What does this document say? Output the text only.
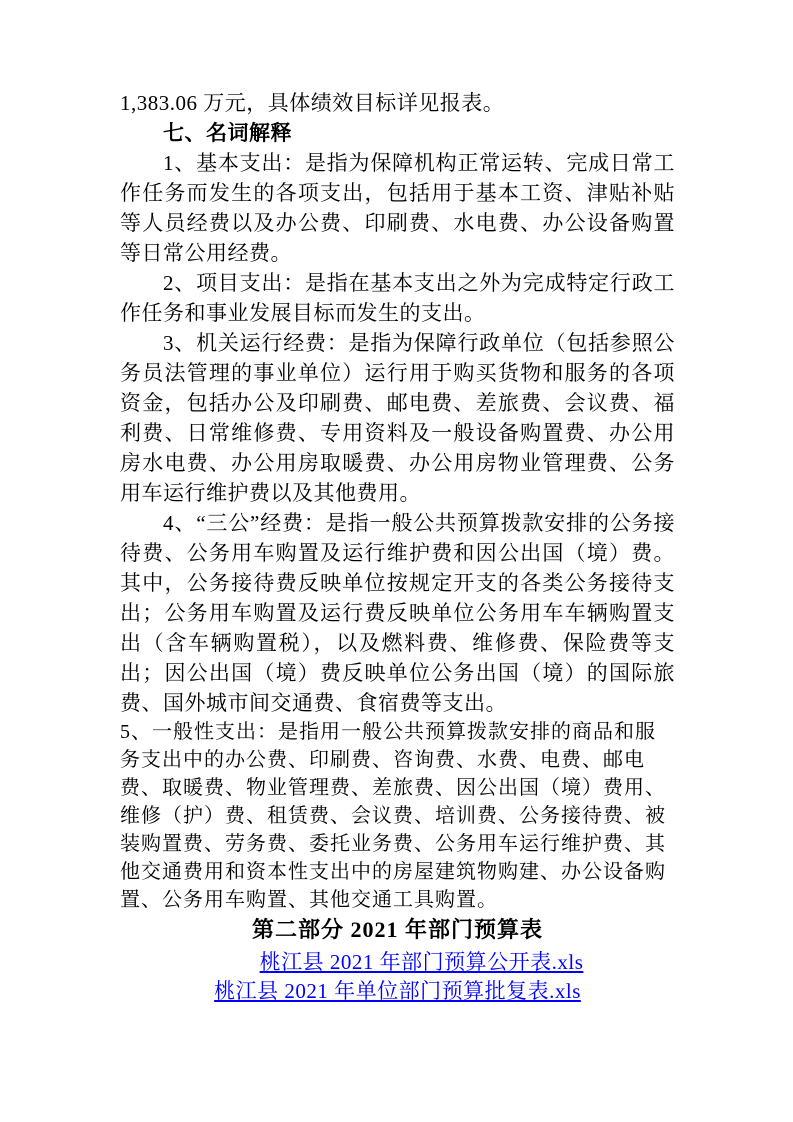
1,383.06 万元，具体绩效目标详见报表。

七、名词解释

1、基本支出：是指为保障机构正常运转、完成日常工作任务而发生的各项支出，包括用于基本工资、津贴补贴等人员经费以及办公费、印刷费、水电费、办公设备购置等日常公用经费。

2、项目支出：是指在基本支出之外为完成特定行政工作任务和事业发展目标而发生的支出。

3、机关运行经费：是指为保障行政单位（包括参照公务员法管理的事业单位）运行用于购买货物和服务的各项资金，包括办公及印刷费、邮电费、差旅费、会议费、福利费、日常维修费、专用资料及一般设备购置费、办公用房水电费、办公用房取暖费、办公用房物业管理费、公务用车运行维护费以及其他费用。

4、“三公”经费：是指一般公共预算拨款安排的公务接待费、公务用车购置及运行维护费和因公出国（境）费。其中，公务接待费反映单位按规定开支的各类公务接待支出；公务用车购置及运行费反映单位公务用车车辆购置支出（含车辆购置税），以及燃料费、维修费、保险费等支出；因公出国（境）费反映单位公务出国（境）的国际旅费、国外城市间交通费、食宿费等支出。

5、一般性支出：是指用一般公共预算拨款安排的商品和服务支出中的办公费、印刷费、咨询费、水费、电费、邮电费、取暖费、物业管理费、差旅费、因公出国（境）费用、维修（护）费、租赁费、会议费、培训费、公务接待费、被装购置费、劳务费、委托业务费、公务用车运行维护费、其他交通费用和资本性支出中的房屋建筑物购建、办公设备购置、公务用车购置、其他交通工具购置。

第二部分 2021 年部门预算表
桃江县 2021 年部门预算公开表.xls
桃江县 2021 年单位部门预算批复表.xls
